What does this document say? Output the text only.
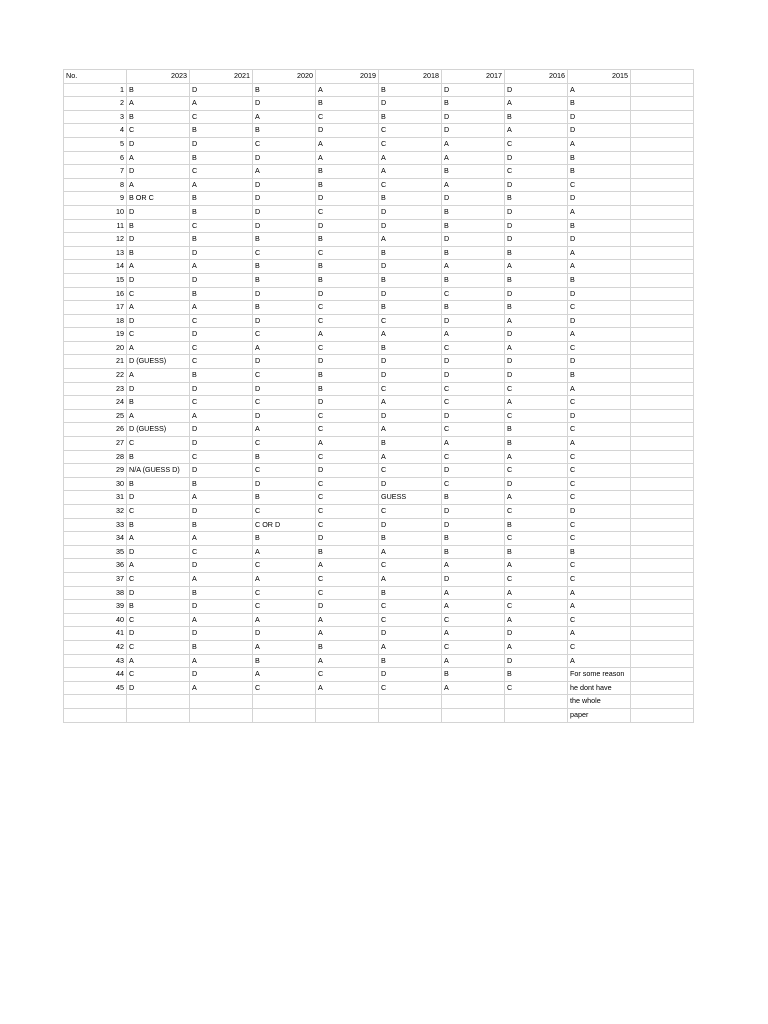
No.	2023	2021	2020	2019	2018	2017	2016	2015	
1	B	D	B	A	B	D	D	A	
2	A	A	D	B	D	B	A	B	
3	B	C	A	C	B	D	B	D	
4	C	B	B	D	C	D	A	D	
5	D	D	C	A	C	A	C	A	
6	A	B	D	A	A	A	D	B	
7	D	C	A	B	A	B	C	B	
8	A	A	D	B	C	A	D	C	
9	B OR C	B	D	D	B	D	B	D	
10	D	B	D	C	D	B	D	A	
11	B	C	D	D	D	B	D	B	
12	D	B	B	B	A	D	D	D	
13	B	D	C	C	B	B	B	A	
14	A	A	B	B	D	A	A	A	
15	D	D	B	B	B	B	B	B	
16	C	B	D	D	D	C	D	D	
17	A	A	B	C	B	B	B	C	
18	D	C	D	C	C	D	A	D	
19	C	D	C	A	A	A	D	A	
20	A	C	A	C	B	C	A	C	
21	D (GUESS)	C	D	D	D	D	D	D	
22	A	B	C	B	D	D	D	B	
23	D	D	D	B	C	C	C	A	
24	B	C	C	D	A	C	A	C	
25	A	A	D	C	D	D	C	D	
26	D (GUESS)	D	A	C	A	C	B	C	
27	C	D	C	A	B	A	B	A	
28	B	C	B	C	A	C	A	C	
29	N/A (GUESS D)	D	C	D	C	D	C	C	
30	B	B	D	C	D	C	D	C	
31	D	A	B	C	GUESS	B	A	C	
32	C	D	C	C	C	D	C	D	
33	B	B	C OR D	C	D	D	B	C	
34	A	A	B	D	B	B	C	C	
35	D	C	A	B	A	B	B	B	
36	A	D	C	A	C	A	A	C	
37	C	A	A	C	A	D	C	C	
38	D	B	C	C	B	A	A	A	
39	B	D	C	D	C	A	C	A	
40	C	A	A	A	C	C	A	C	
41	D	D	D	A	D	A	D	A	
42	C	B	A	B	A	C	A	C	
43	A	A	B	A	B	A	D	A	
44	C	D	A	C	D	B	B	For some reason	
45	D	A	C	A	C	A	C	he dont have	
								the whole	
								paper	
